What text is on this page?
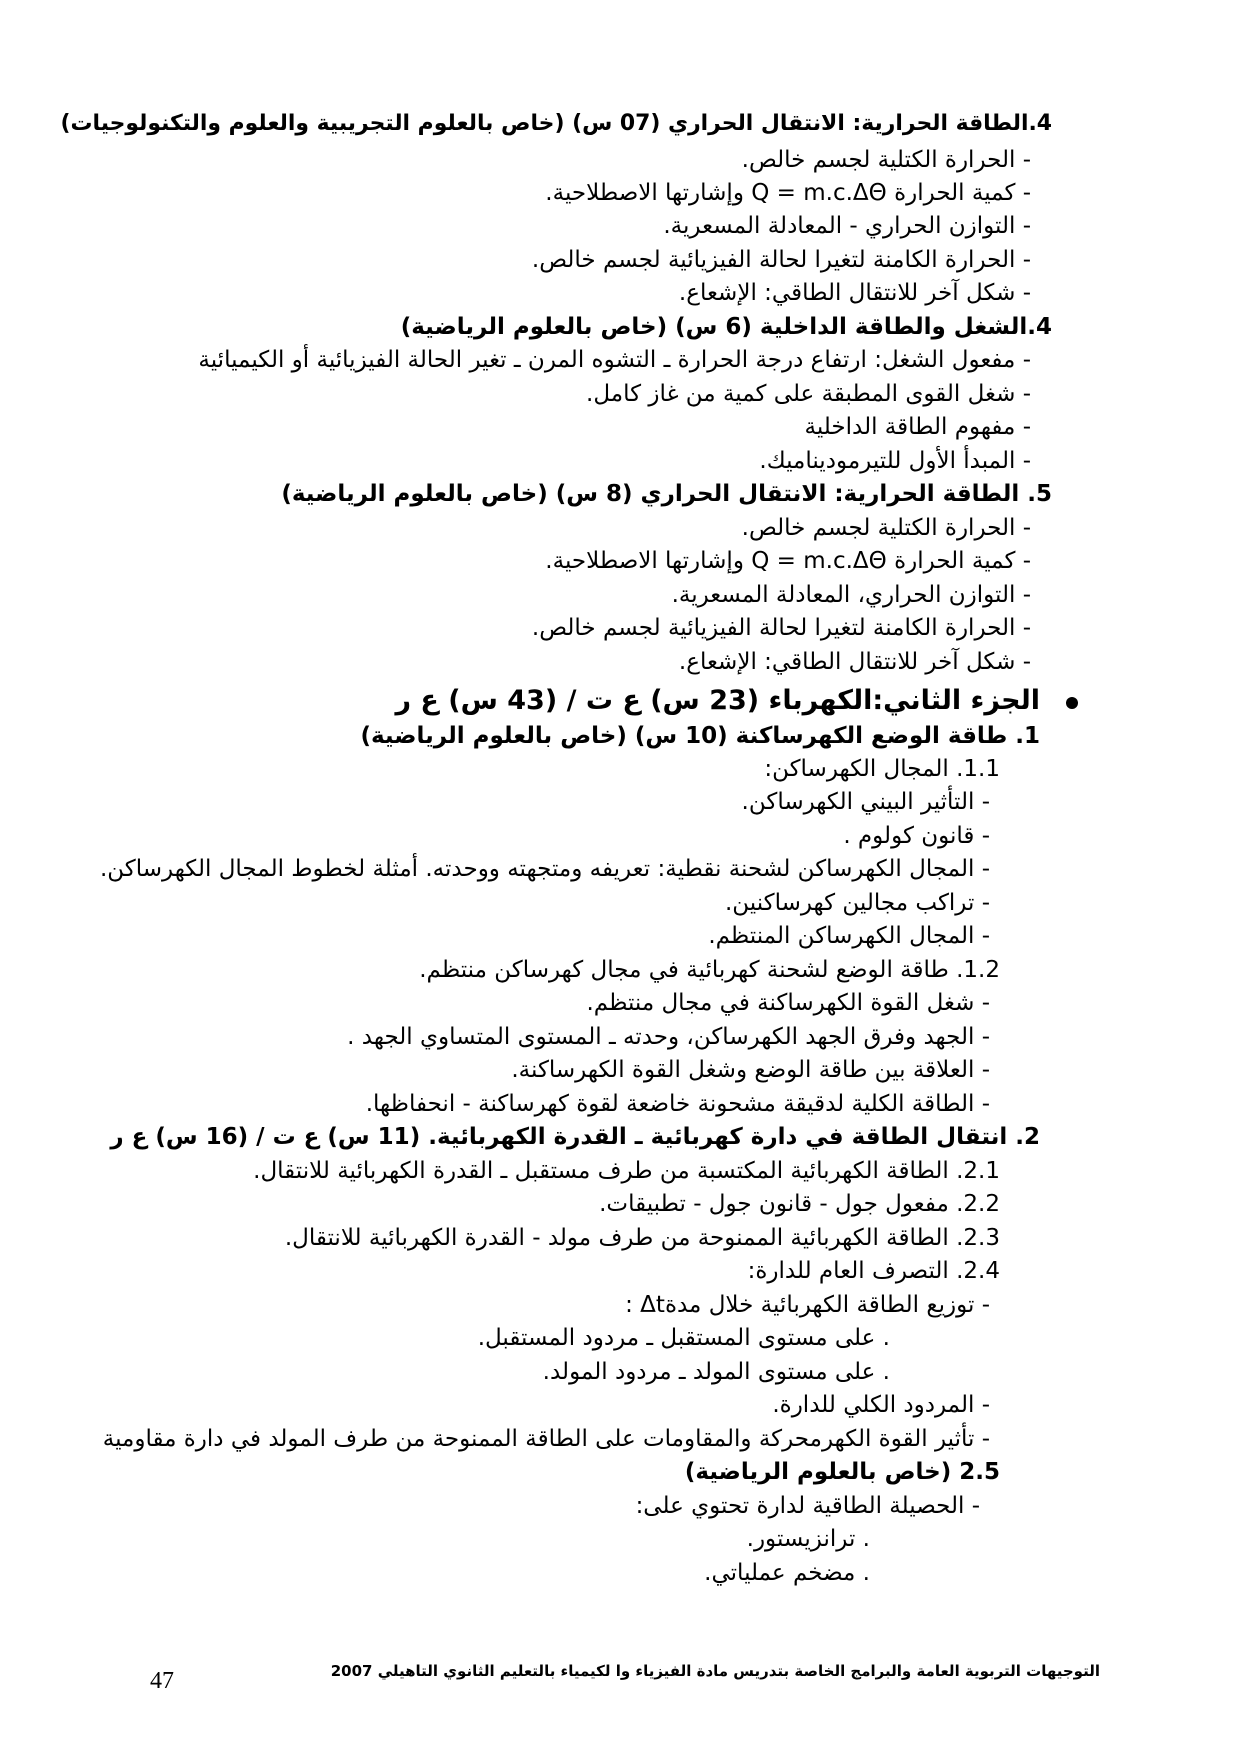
4.الطاقة الحرارية: الانتقال الحراري (07 س) (خاص بالعلوم التجريبية والعلوم والتكنولوجيات)
- الحرارة الكتلية لجسم خالص.
- كمية الحرارة Q = m.c.ΔΘ وإشارتها الاصطلاحية.
- التوازن الحراري - المعادلة المسعرية.
- الحرارة الكامنة لتغيرا لحالة الفيزيائية لجسم خالص.
- شكل آخر للانتقال الطاقي: الإشعاع.
4.الشغل والطاقة الداخلية (6 س) (خاص بالعلوم الرياضية)
- مفعول الشغل: ارتفاع درجة الحرارة ـ التشوه المرن ـ تغير الحالة الفيزيائية أو الكيميائية
- شغل القوى المطبقة على كمية من غاز كامل.
- مفهوم الطاقة الداخلية
- المبدأ الأول للتيرموديناميك.
5. الطاقة الحرارية: الانتقال الحراري (8 س) (خاص بالعلوم الرياضية)
- الحرارة الكتلية لجسم خالص.
- كمية الحرارة Q = m.c.ΔΘ وإشارتها الاصطلاحية.
- التوازن الحراري، المعادلة المسعرية.
- الحرارة الكامنة لتغيرا لحالة الفيزيائية لجسم خالص.
- شكل آخر للانتقال الطاقي: الإشعاع.
الجزء الثاني:الكهرباء (23 س) ع ت / (43 س) ع ر
1. طاقة الوضع الكهرساكنة (10 س) (خاص بالعلوم الرياضية)
1.1. المجال الكهرساكن:
- التأثير البيني الكهرساكن.
- قانون كولوم .
- المجال الكهرساكن لشحنة نقطية: تعريفه ومتجهته ووحدته. أمثلة لخطوط المجال الكهرساكن.
- تراكب مجالين كهرساكنين.
- المجال الكهرساكن المنتظم.
1.2. طاقة الوضع لشحنة كهربائية في مجال كهرساكن منتظم.
- شغل القوة الكهرساكنة في مجال منتظم.
- الجهد وفرق الجهد الكهرساكن، وحدته ـ المستوى المتساوي الجهد .
- العلاقة بين طاقة الوضع وشغل القوة الكهرساكنة.
- الطاقة الكلية لدقيقة مشحونة خاضعة لقوة كهرساكنة - انحفاظها.
2. انتقال الطاقة في دارة كهربائية ـ القدرة الكهربائية. (11 س) ع ت / (16 س) ع ر
2.1. الطاقة الكهربائية المكتسبة من طرف مستقبل ـ القدرة الكهربائية للانتقال.
2.2. مفعول جول - قانون جول - تطبيقات.
2.3. الطاقة الكهربائية الممنوحة من طرف مولد - القدرة الكهربائية للانتقال.
2.4. التصرف العام للدارة:
- توزيع الطاقة الكهربائية خلال مدةΔt :
. على مستوى المستقبل ـ مردود المستقبل.
. على مستوى المولد ـ مردود المولد.
- المردود الكلي للدارة.
- تأثير القوة الكهرمحركة والمقاومات على الطاقة الممنوحة من طرف المولد في دارة مقاومية
2.5 (خاص بالعلوم الرياضية)
- الحصيلة الطاقية لدارة تحتوي على:
. ترانزيستور.
. مضخم عملياتي.
التوجيهات التربوية العامة والبرامج الخاصة بتدريس مادة الفيزياء وا لكيمياء بالتعليم الثانوي التاهيلي 2007
47
